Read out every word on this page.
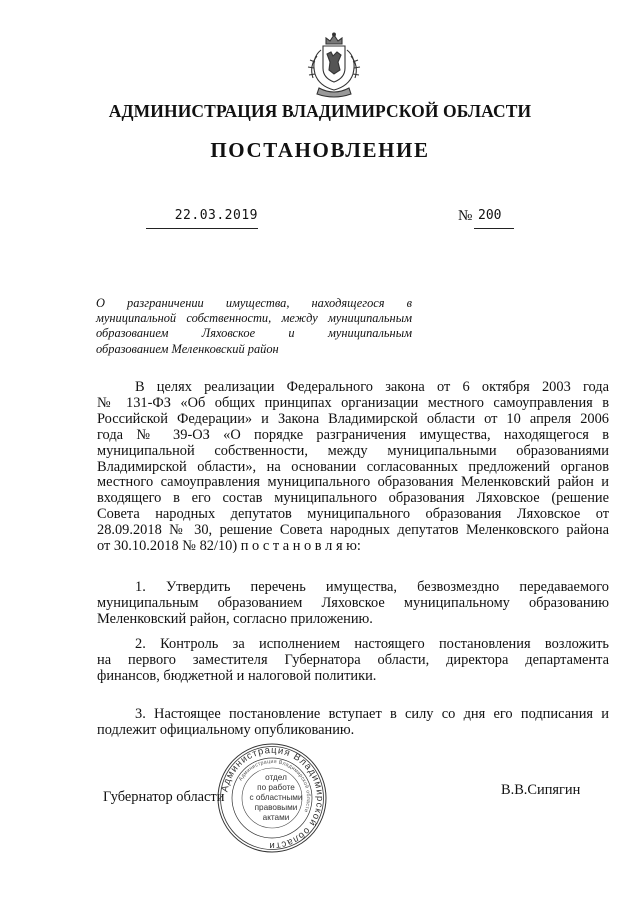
АДМИНИСТРАЦИЯ ВЛАДИМИРСКОЙ ОБЛАСТИ
ПОСТАНОВЛЕНИЕ
22.03.2019	№ 200
О разграничении имущества, находящегося в
муниципальной собственности, между муниципальным
образованием Ляховское и муниципальным
образованием Меленковский район
В целях реализации Федерального закона от 6 октября 2003 года
№ 131-ФЗ «Об общих принципах организации местного самоуправления в
Российской Федерации» и Закона Владимирской области от 10 апреля 2006
года № 39-ОЗ «О порядке разграничения имущества, находящегося в
муниципальной собственности, между муниципальными образованиями
Владимирской области», на основании согласованных предложений органов
местного самоуправления муниципального образования Меленковский район и
входящего в его состав муниципального образования Ляховское (решение
Совета народных депутатов муниципального образования Ляховское от
28.09.2018 № 30, решение Совета народных депутатов Меленковского района
от 30.10.2018 № 82/10) п о с т а н о в л я ю:
1. Утвердить перечень имущества, безвозмездно передаваемого
муниципальным образованием Ляховское муниципальному образованию
Меленковский район, согласно приложению.
2. Контроль за исполнением настоящего постановления возложить
на первого заместителя Губернатора области, директора департамента
финансов, бюджетной и налоговой политики.
3. Настоящее постановление вступает в силу со дня его подписания и
подлежит официальному опубликованию.
Губернатор области	В.В.Сипягин
Администрация Владимирской области
Администрация Владимирской области
отдел
по работе
с областными
правовыми
актами
